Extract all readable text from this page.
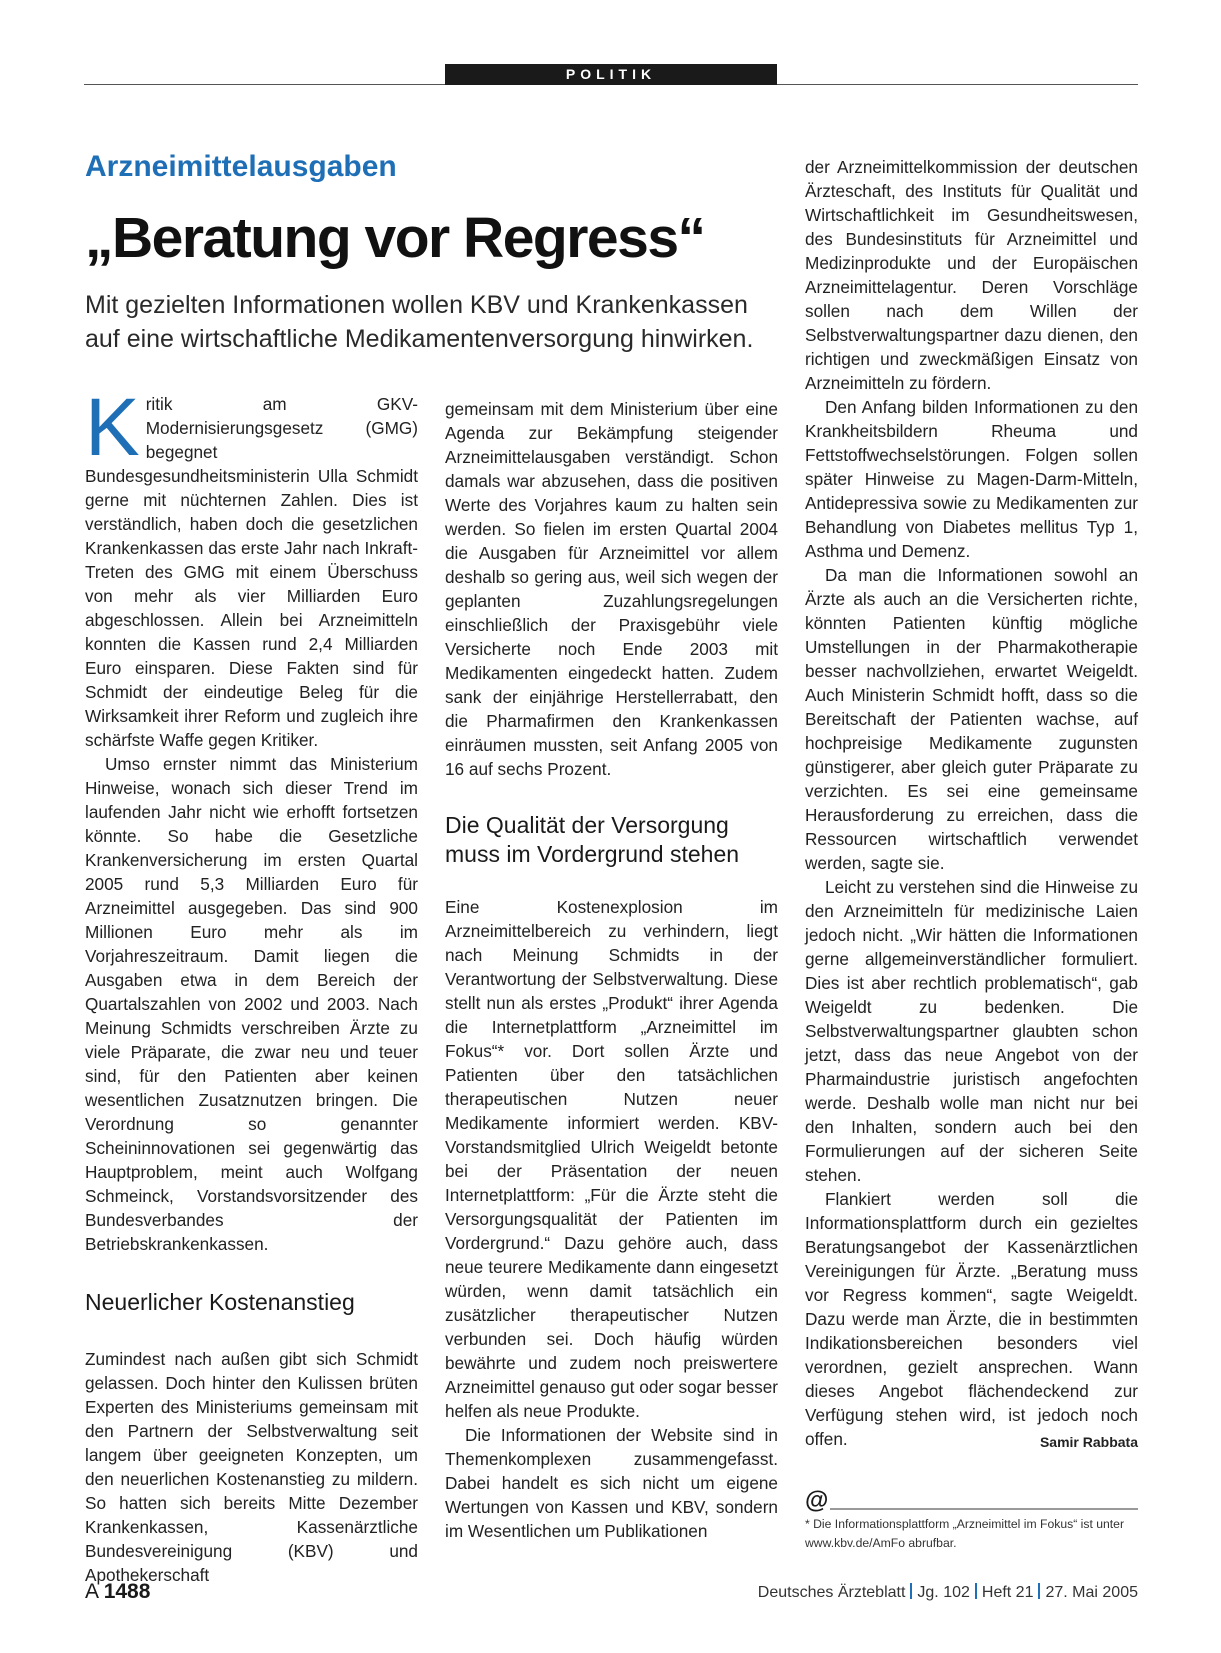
POLITIK
Arzneimittelausgaben
„Beratung vor Regress“
Mit gezielten Informationen wollen KBV und Krankenkassen auf eine wirtschaftliche Medikamentenversorgung hinwirken.

Kritik am GKV-Modernisierungsgesetz (GMG) begegnet Bundesgesundheitsministerin Ulla Schmidt gerne mit nüchternen Zahlen. Dies ist verständlich, haben doch die gesetzlichen Krankenkassen das erste Jahr nach Inkraft-Treten des GMG mit einem Überschuss von mehr als vier Milliarden Euro abgeschlossen. Allein bei Arzneimitteln konnten die Kassen rund 2,4 Milliarden Euro einsparen. Diese Fakten sind für Schmidt der eindeutige Beleg für die Wirksamkeit ihrer Reform und zugleich ihre schärfste Waffe gegen Kritiker.

Umso ernster nimmt das Ministerium Hinweise, wonach sich dieser Trend im laufenden Jahr nicht wie erhofft fortsetzen könnte. So habe die Gesetzliche Krankenversicherung im ersten Quartal 2005 rund 5,3 Milliarden Euro für Arzneimittel ausgegeben. Das sind 900 Millionen Euro mehr als im Vorjahreszeitraum. Damit liegen die Ausgaben etwa in dem Bereich der Quartalszahlen von 2002 und 2003. Nach Meinung Schmidts verschreiben Ärzte zu viele Präparate, die zwar neu und teuer sind, für den Patienten aber keinen wesentlichen Zusatznutzen bringen. Die Verordnung so genannter Scheininnovationen sei gegenwärtig das Hauptproblem, meint auch Wolfgang Schmeinck, Vorstandsvorsitzender des Bundesverbandes der Betriebskrankenkassen.

Neuerlicher Kostenanstieg

Zumindest nach außen gibt sich Schmidt gelassen. Doch hinter den Kulissen brüten Experten des Ministeriums gemeinsam mit den Partnern der Selbstverwaltung seit langem über geeigneten Konzepten, um den neuerlichen Kostenanstieg zu mildern. So hatten sich bereits Mitte Dezember Krankenkassen, Kassenärztliche Bundesvereinigung (KBV) und Apothekerschaft

gemeinsam mit dem Ministerium über eine Agenda zur Bekämpfung steigender Arzneimittelausgaben verständigt. Schon damals war abzusehen, dass die positiven Werte des Vorjahres kaum zu halten sein werden. So fielen im ersten Quartal 2004 die Ausgaben für Arzneimittel vor allem deshalb so gering aus, weil sich wegen der geplanten Zuzahlungsregelungen einschließlich der Praxisgebühr viele Versicherte noch Ende 2003 mit Medikamenten eingedeckt hatten. Zudem sank der einjährige Herstellerrabatt, den die Pharmafirmen den Krankenkassen einräumen mussten, seit Anfang 2005 von 16 auf sechs Prozent.

Die Qualität der Versorgung muss im Vordergrund stehen

Eine Kostenexplosion im Arzneimittelbereich zu verhindern, liegt nach Meinung Schmidts in der Verantwortung der Selbstverwaltung. Diese stellt nun als erstes „Produkt“ ihrer Agenda die Internetplattform „Arzneimittel im Fokus“* vor. Dort sollen Ärzte und Patienten über den tatsächlichen therapeutischen Nutzen neuer Medikamente informiert werden. KBV-Vorstandsmitglied Ulrich Weigeldt betonte bei der Präsentation der neuen Internetplattform: „Für die Ärzte steht die Versorgungsqualität der Patienten im Vordergrund.“ Dazu gehöre auch, dass neue teurere Medikamente dann eingesetzt würden, wenn damit tatsächlich ein zusätzlicher therapeutischer Nutzen verbunden sei. Doch häufig würden bewährte und zudem noch preiswertere Arzneimittel genauso gut oder sogar besser helfen als neue Produkte.

Die Informationen der Website sind in Themenkomplexen zusammengefasst. Dabei handelt es sich nicht um eigene Wertungen von Kassen und KBV, sondern im Wesentlichen um Publikationen

der Arzneimittelkommission der deutschen Ärzteschaft, des Instituts für Qualität und Wirtschaftlichkeit im Gesundheitswesen, des Bundesinstituts für Arzneimittel und Medizinprodukte und der Europäischen Arzneimittelagentur. Deren Vorschläge sollen nach dem Willen der Selbstverwaltungspartner dazu dienen, den richtigen und zweckmäßigen Einsatz von Arzneimitteln zu fördern.

Den Anfang bilden Informationen zu den Krankheitsbildern Rheuma und Fettstoffwechselstörungen. Folgen sollen später Hinweise zu Magen-Darm-Mitteln, Antidepressiva sowie zu Medikamenten zur Behandlung von Diabetes mellitus Typ 1, Asthma und Demenz.

Da man die Informationen sowohl an Ärzte als auch an die Versicherten richte, könnten Patienten künftig mögliche Umstellungen in der Pharmakotherapie besser nachvollziehen, erwartet Weigeldt. Auch Ministerin Schmidt hofft, dass so die Bereitschaft der Patienten wachse, auf hochpreisige Medikamente zugunsten günstigerer, aber gleich guter Präparate zu verzichten. Es sei eine gemeinsame Herausforderung zu erreichen, dass die Ressourcen wirtschaftlich verwendet werden, sagte sie.

Leicht zu verstehen sind die Hinweise zu den Arzneimitteln für medizinische Laien jedoch nicht. „Wir hätten die Informationen gerne allgemeinverständlicher formuliert. Dies ist aber rechtlich problematisch“, gab Weigeldt zu bedenken. Die Selbstverwaltungspartner glaubten schon jetzt, dass das neue Angebot von der Pharmaindustrie juristisch angefochten werde. Deshalb wolle man nicht nur bei den Inhalten, sondern auch bei den Formulierungen auf der sicheren Seite stehen.

Flankiert werden soll die Informationsplattform durch ein gezieltes Beratungsangebot der Kassenärztlichen Vereinigungen für Ärzte. „Beratung muss vor Regress kommen“, sagte Weigeldt. Dazu werde man Ärzte, die in bestimmten Indikationsbereichen besonders viel verordnen, gezielt ansprechen. Wann dieses Angebot flächendeckend zur Verfügung stehen wird, ist jedoch noch offen.	Samir Rabbata

@
* Die Informationsplattform „Arzneimittel im Fokus“ ist unter www.kbv.de/AmFo abrufbar.
A 1488	Deutsches Ärzteblatt Jg. 102 Heft 21 27. Mai 2005
